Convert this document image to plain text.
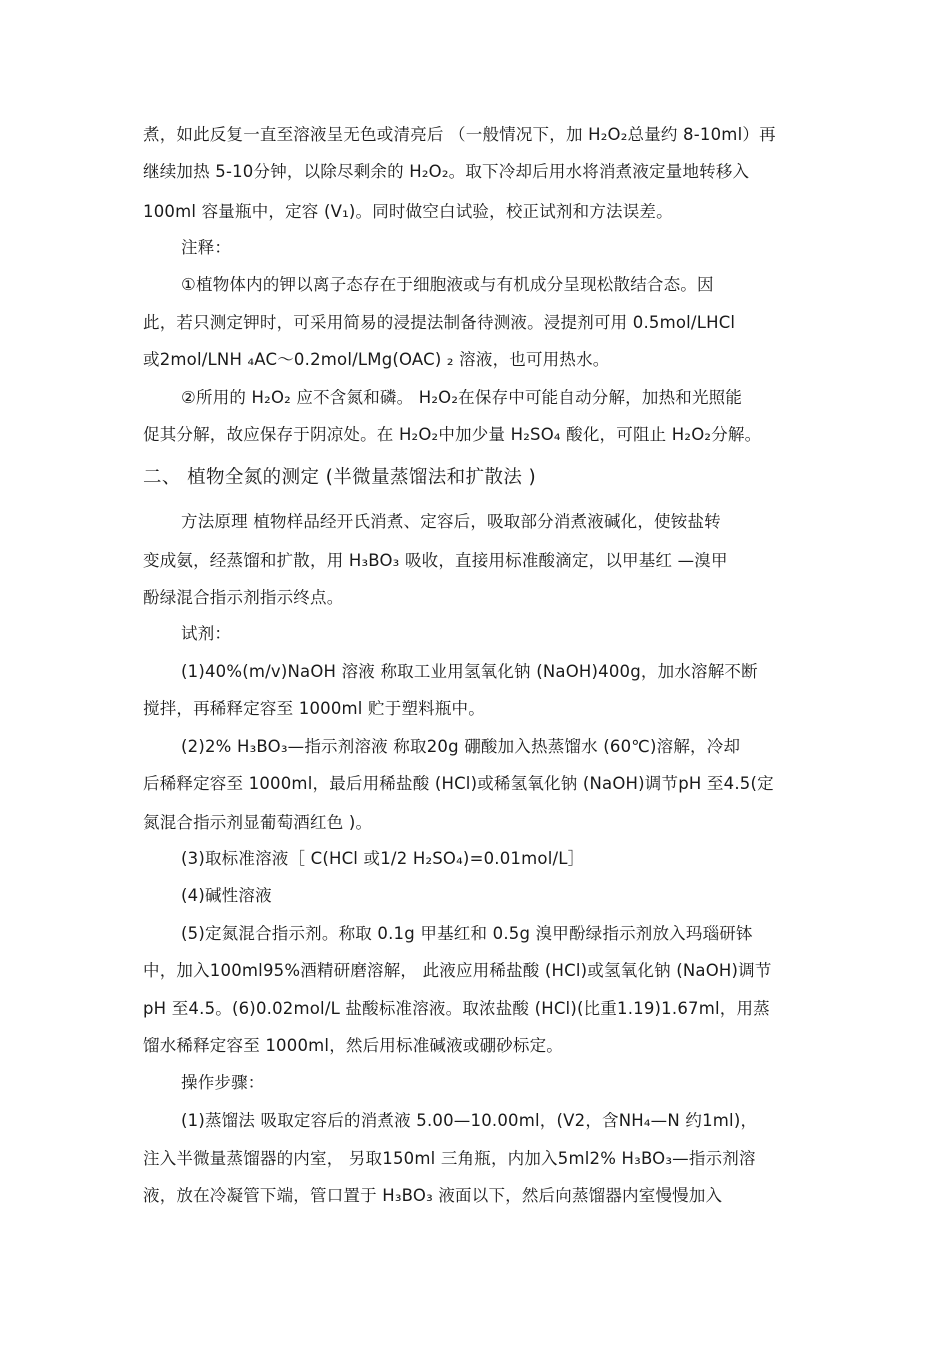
煮，如此反复一直至溶液呈无色或清亮后 （一般情况下，加 H₂O₂总量约 8-10ml）再
继续加热 5-10分钟，以除尽剩余的 H₂O₂。取下冷却后用水将消煮液定量地转移入
100ml 容量瓶中，定容 (V₁)。同时做空白试验，校正试剂和方法误差。
注释：
①植物体内的钾以离子态存在于细胞液或与有机成分呈现松散结合态。因
此，若只测定钾时，可采用简易的浸提法制备待测液。浸提剂可用 0.5mol/LHCl
或2mol/LNH ₄AC～0.2mol/LMg(OAC) ₂ 溶液，也可用热水。
②所用的 H₂O₂ 应不含氮和磷。 H₂O₂在保存中可能自动分解，加热和光照能
促其分解，故应保存于阴凉处。在 H₂O₂中加少量 H₂SO₄ 酸化，可阻止 H₂O₂分解。
二、 植物全氮的测定 (半微量蒸馏法和扩散法 )
方法原理 植物样品经开氏消煮、定容后，吸取部分消煮液碱化，使铵盐转
变成氨，经蒸馏和扩散，用 H₃BO₃ 吸收，直接用标准酸滴定，以甲基红 —溴甲
酚绿混合指示剂指示终点。
试剂：
(1)40%(m/v)NaOH 溶液 称取工业用氢氧化钠 (NaOH)400g，加水溶解不断
搅拌，再稀释定容至 1000ml 贮于塑料瓶中。
(2)2% H₃BO₃—指示剂溶液 称取20g 硼酸加入热蒸馏水 (60℃)溶解，冷却
后稀释定容至 1000ml，最后用稀盐酸 (HCl)或稀氢氧化钠 (NaOH)调节pH 至4.5(定
氮混合指示剂显葡萄酒红色 )。
(3)取标准溶液［ C(HCl 或1/2 H₂SO₄)=0.01mol/L］
(4)碱性溶液
(5)定氮混合指示剂。称取 0.1g 甲基红和 0.5g 溴甲酚绿指示剂放入玛瑙研钵
中，加入100ml95%酒精研磨溶解， 此液应用稀盐酸 (HCl)或氢氧化钠 (NaOH)调节
pH 至4.5。(6)0.02mol/L 盐酸标准溶液。取浓盐酸 (HCl)(比重1.19)1.67ml，用蒸
馏水稀释定容至 1000ml，然后用标准碱液或硼砂标定。
操作步骤：
(1)蒸馏法 吸取定容后的消煮液 5.00—10.00ml，(V2，含NH₄—N 约1ml)，
注入半微量蒸馏器的内室， 另取150ml 三角瓶，内加入5ml2% H₃BO₃—指示剂溶
液，放在冷凝管下端，管口置于 H₃BO₃ 液面以下，然后向蒸馏器内室慢慢加入
